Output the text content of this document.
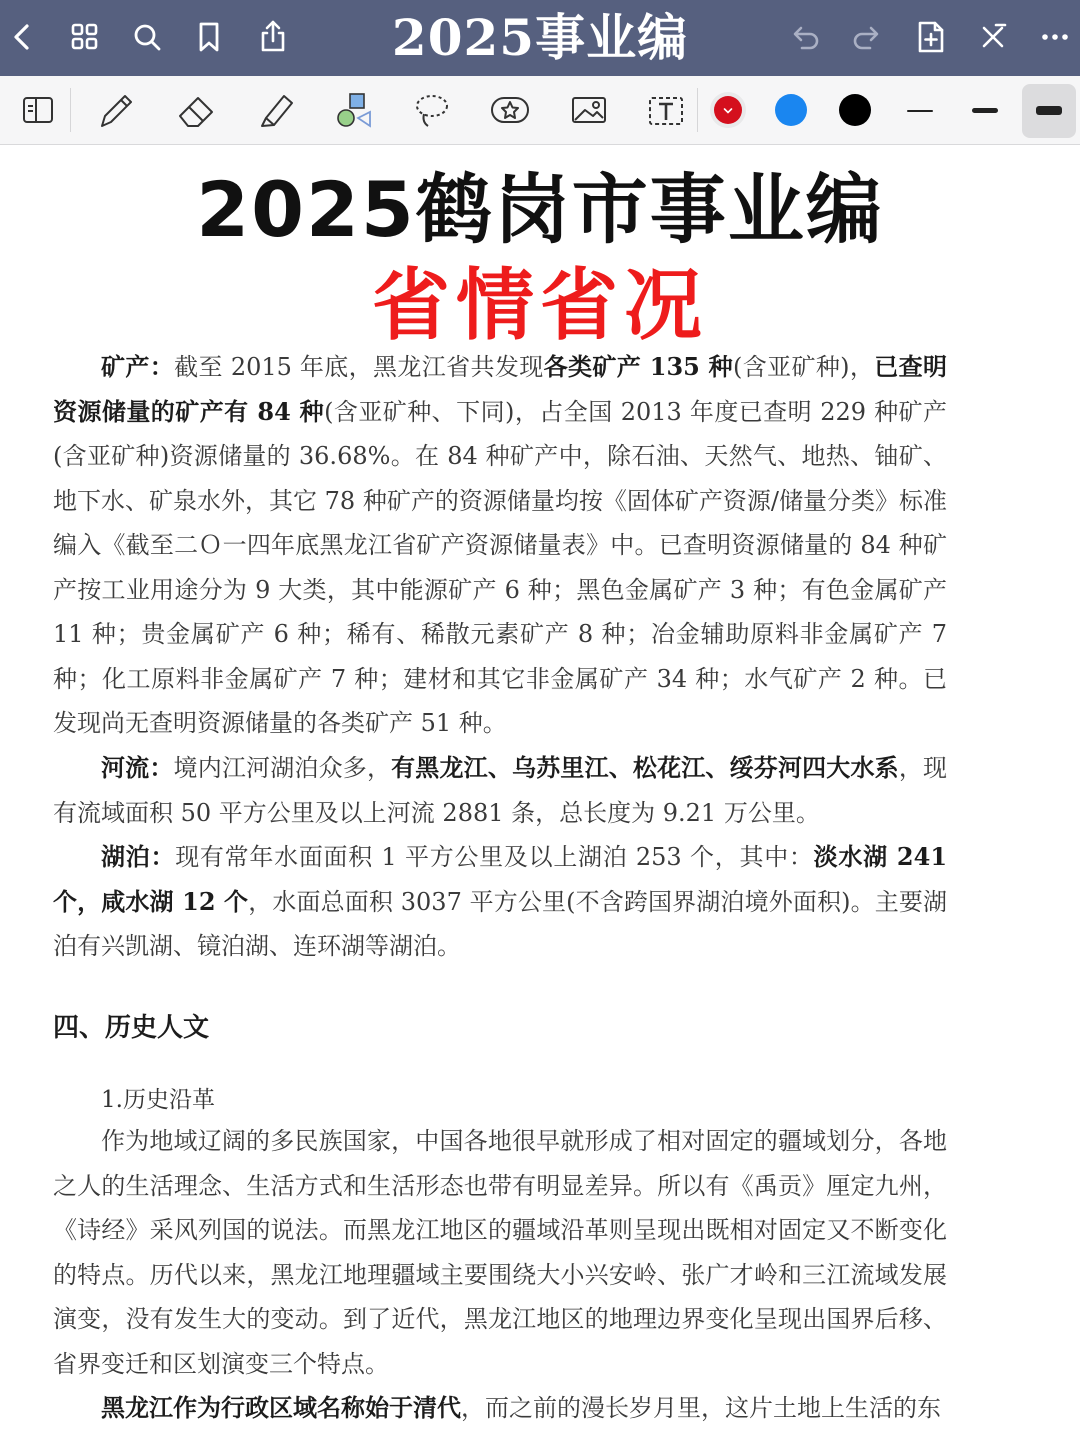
2025事业编
2025鹤岗市事业编
省情省况

矿产：截至 2015 年底，黑龙江省共发现各类矿产 135 种(含亚矿种)，已查明资源储量的矿产有 84 种(含亚矿种、下同)，占全国 2013 年度已查明 229 种矿产(含亚矿种)资源储量的 36.68%。在 84 种矿产中，除石油、天然气、地热、铀矿、地下水、矿泉水外，其它 78 种矿产的资源储量均按《固体矿产资源/储量分类》标准编入《截至二Ｏ一四年底黑龙江省矿产资源储量表》中。已查明资源储量的 84 种矿产按工业用途分为 9 大类，其中能源矿产 6 种；黑色金属矿产 3 种；有色金属矿产 11 种；贵金属矿产 6 种；稀有、稀散元素矿产 8 种；冶金辅助原料非金属矿产 7 种；化工原料非金属矿产 7 种；建材和其它非金属矿产 34 种；水气矿产 2 种。已发现尚无查明资源储量的各类矿产 51 种。

河流：境内江河湖泊众多，有黑龙江、乌苏里江、松花江、绥芬河四大水系，现有流域面积 50 平方公里及以上河流 2881 条，总长度为 9.21 万公里。

湖泊：现有常年水面面积 1 平方公里及以上湖泊 253 个，其中：淡水湖 241 个，咸水湖 12 个，水面总面积 3037 平方公里(不含跨国界湖泊境外面积)。主要湖泊有兴凯湖、镜泊湖、连环湖等湖泊。

四、历史人文

1.历史沿革

作为地域辽阔的多民族国家，中国各地很早就形成了相对固定的疆域划分，各地之人的生活理念、生活方式和生活形态也带有明显差异。所以有《禹贡》厘定九州，《诗经》采风列国的说法。而黑龙江地区的疆域沿革则呈现出既相对固定又不断变化的特点。历代以来，黑龙江地理疆域主要围绕大小兴安岭、张广才岭和三江流域发展演变，没有发生大的变动。到了近代，黑龙江地区的地理边界变化呈现出国界后移、省界变迁和区划演变三个特点。

黑龙江作为行政区域名称始于清代，而之前的漫长岁月里，这片土地上生活的东
